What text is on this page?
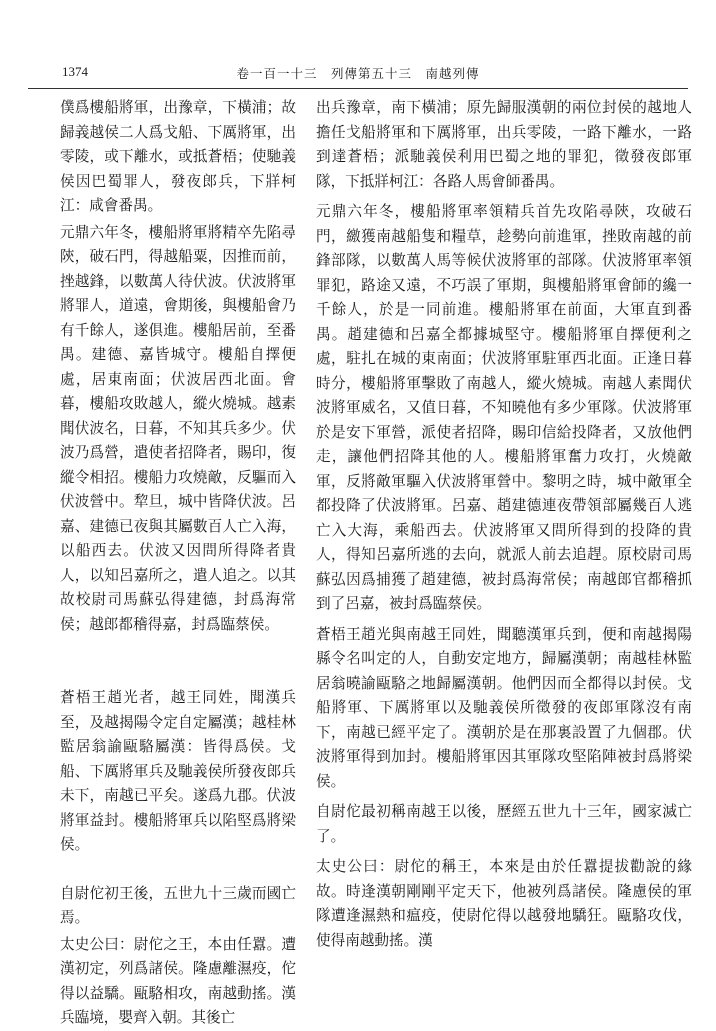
1374	卷一百一十三　列傳第五十三　南越列傳

僕爲樓船將軍，出豫章，下橫浦；故歸義越侯二人爲戈船、下厲將軍，出零陵，或下離水，或抵蒼梧；使馳義侯因巴蜀罪人，發夜郎兵，下牂柯江：咸會番禺。

元鼎六年冬，樓船將軍將精卒先陷尋陝，破石門，得越船粟，因推而前，挫越鋒，以數萬人待伏波。伏波將軍將罪人，道遠，會期後，與樓船會乃有千餘人，遂俱進。樓船居前，至番禺。建德、嘉皆城守。樓船自擇便處，居東南面；伏波居西北面。會暮，樓船攻敗越人，縱火燒城。越素聞伏波名，日暮，不知其兵多少。伏波乃爲營，遣使者招降者，賜印，復縱令相招。樓船力攻燒敵，反驅而入伏波營中。犂旦，城中皆降伏波。呂嘉、建德已夜與其屬數百人亡入海，以船西去。伏波又因問所得降者貴人，以知呂嘉所之，遣人追之。以其故校尉司馬蘇弘得建德，封爲海常侯；越郎都稽得嘉，封爲臨蔡侯。

蒼梧王趙光者，越王同姓，聞漢兵至，及越揭陽令定自定屬漢；越桂林監居翁諭甌駱屬漢：皆得爲侯。戈船、下厲將軍兵及馳義侯所發夜郎兵未下，南越已平矣。遂爲九郡。伏波將軍益封。樓船將軍兵以陷堅爲將梁侯。

自尉佗初王後，五世九十三歲而國亡焉。

太史公曰：尉佗之王，本由任囂。遭漢初定，列爲諸侯。隆慮離濕疫，佗得以益驕。甌駱相攻，南越動搖。漢兵臨境，嬰齊入朝。其後亡

出兵豫章，南下橫浦；原先歸服漢朝的兩位封侯的越地人擔任戈船將軍和下厲將軍，出兵零陵，一路下離水，一路到達蒼梧；派馳義侯利用巴蜀之地的罪犯，徵發夜郎軍隊，下抵牂柯江：各路人馬會師番禺。

元鼎六年冬，樓船將軍率領精兵首先攻陷尋陝，攻破石門，繳獲南越船隻和糧草，趁勢向前進軍，挫敗南越的前鋒部隊，以數萬人馬等候伏波將軍的部隊。伏波將軍率領罪犯，路途又遠，不巧誤了軍期，與樓船將軍會師的纔一千餘人，於是一同前進。樓船將軍在前面，大軍直到番禺。趙建德和呂嘉全都據城堅守。樓船將軍自擇便利之處，駐扎在城的東南面；伏波將軍駐軍西北面。正逢日暮時分，樓船將軍擊敗了南越人，縱火燒城。南越人素聞伏波將軍威名，又值日暮，不知曉他有多少軍隊。伏波將軍於是安下軍營，派使者招降，賜印信給投降者，又放他們走，讓他們招降其他的人。樓船將軍奮力攻打，火燒敵軍，反將敵軍驅入伏波將軍營中。黎明之時，城中敵軍全都投降了伏波將軍。呂嘉、趙建德連夜帶領部屬幾百人逃亡入大海，乘船西去。伏波將軍又問所得到的投降的貴人，得知呂嘉所逃的去向，就派人前去追趕。原校尉司馬蘇弘因爲捕獲了趙建德，被封爲海常侯；南越郎官都稽抓到了呂嘉，被封爲臨蔡侯。

蒼梧王趙光與南越王同姓，聞聽漢軍兵到，便和南越揭陽縣令名叫定的人，自動安定地方，歸屬漢朝；南越桂林監居翁曉諭甌駱之地歸屬漢朝。他們因而全都得以封侯。戈船將軍、下厲將軍以及馳義侯所徵發的夜郎軍隊沒有南下，南越已經平定了。漢朝於是在那裏設置了九個郡。伏波將軍得到加封。樓船將軍因其軍隊攻堅陷陣被封爲將梁侯。

自尉佗最初稱南越王以後，歷經五世九十三年，國家滅亡了。

太史公曰：尉佗的稱王，本來是由於任囂提拔勸說的緣故。時逢漢朝剛剛平定天下，他被列爲諸侯。隆慮侯的軍隊遭逢濕熱和瘟疫，使尉佗得以越發地驕狂。甌駱攻伐，使得南越動搖。漢
